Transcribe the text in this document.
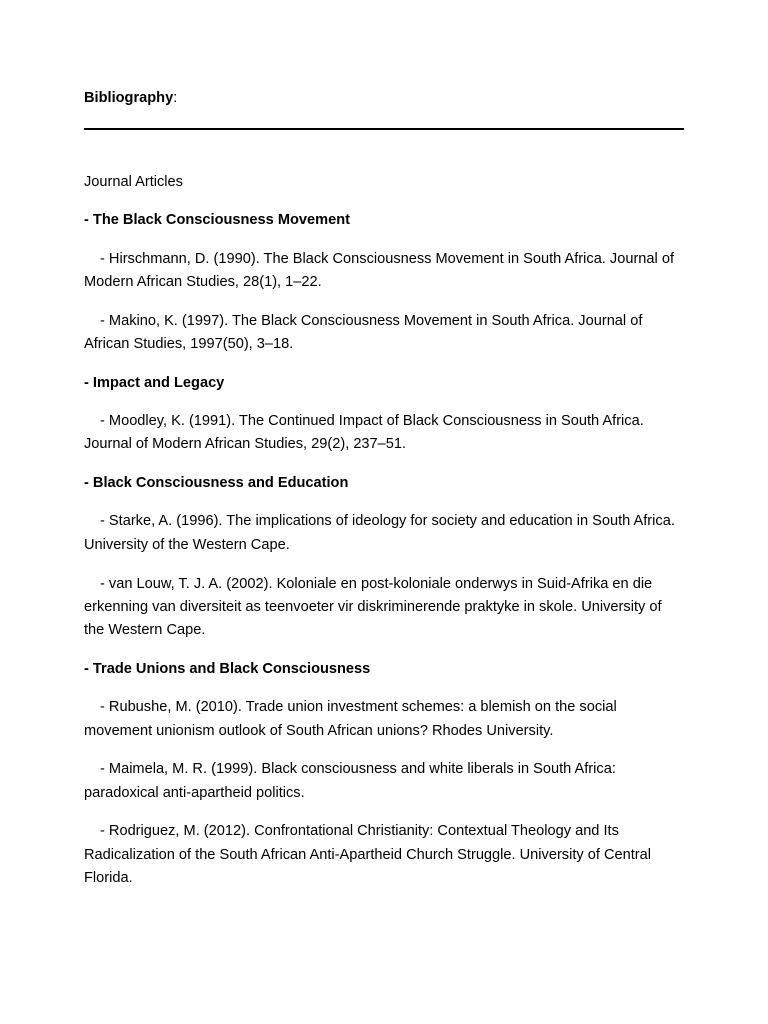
Bibliography:

Journal Articles

- The Black Consciousness Movement

- Hirschmann, D. (1990). The Black Consciousness Movement in South Africa. Journal of Modern African Studies, 28(1), 1–22.

- Makino, K. (1997). The Black Consciousness Movement in South Africa. Journal of African Studies, 1997(50), 3–18.

- Impact and Legacy

- Moodley, K. (1991). The Continued Impact of Black Consciousness in South Africa. Journal of Modern African Studies, 29(2), 237–51.

- Black Consciousness and Education

- Starke, A. (1996). The implications of ideology for society and education in South Africa. University of the Western Cape.

- van Louw, T. J. A. (2002). Koloniale en post-koloniale onderwys in Suid-Afrika en die erkenning van diversiteit as teenvoeter vir diskriminerende praktyke in skole. University of the Western Cape.

- Trade Unions and Black Consciousness

- Rubushe, M. (2010). Trade union investment schemes: a blemish on the social movement unionism outlook of South African unions? Rhodes University.

- Maimela, M. R. (1999). Black consciousness and white liberals in South Africa: paradoxical anti-apartheid politics.

- Rodriguez, M. (2012). Confrontational Christianity: Contextual Theology and Its Radicalization of the South African Anti-Apartheid Church Struggle. University of Central Florida.
